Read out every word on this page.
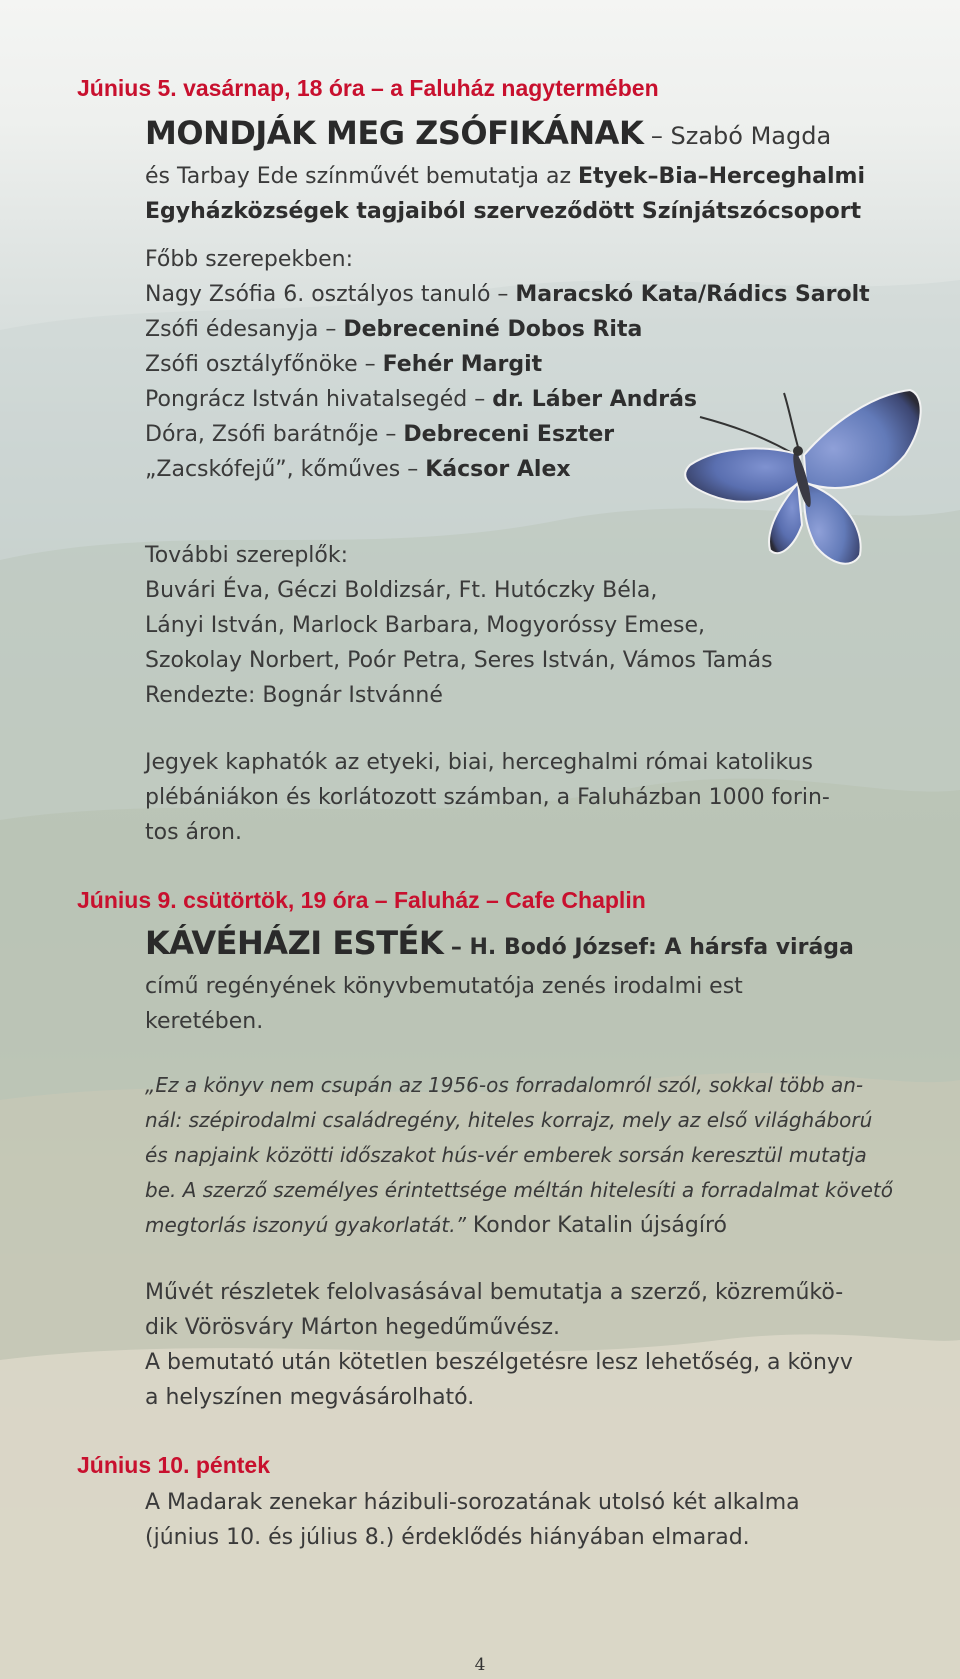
Június 5. vasárnap, 18 óra – a Faluház nagytermében
MONDJÁK MEG ZSÓFIKÁNAK – Szabó Magda
és Tarbay Ede színművét bemutatja az Etyek–Bia–Herceghalmi
Egyházközségek tagjaiból szerveződött Színjátszócsoport
Főbb szerepekben:
Nagy Zsófia 6. osztályos tanuló – Maracskó Kata/Rádics Sarolt
Zsófi édesanyja – Debreceniné Dobos Rita
Zsófi osztályfőnöke – Fehér Margit
Pongrácz István hivatalsegéd – dr. Láber András
Dóra, Zsófi barátnője – Debreceni Eszter
„Zacskófejű”, kőműves – Kácsor Alex
További szereplők:
Buvári Éva, Géczi Boldizsár, Ft. Hutóczky Béla,
Lányi István, Marlock Barbara, Mogyoróssy Emese,
Szokolay Norbert, Poór Petra, Seres István, Vámos Tamás
Rendezte: Bognár Istvánné
Jegyek kaphatók az etyeki, biai, herceghalmi római katolikus
plébániákon és korlátozott számban, a Faluházban 1000 forin-
tos áron.
Június 9. csütörtök, 19 óra – Faluház – Cafe Chaplin
KÁVÉHÁZI ESTÉK – H. Bodó József: A hársfa virága
című regényének könyvbemutatója zenés irodalmi est
keretében.
„Ez a könyv nem csupán az 1956-os forradalomról szól, sokkal több an-
nál: szépirodalmi családregény, hiteles korrajz, mely az első világháború
és napjaink közötti időszakot hús-vér emberek sorsán keresztül mutatja
be. A szerző személyes érintettsége méltán hitelesíti a forradalmat követő
megtorlás iszonyú gyakorlatát.” Kondor Katalin újságíró
Művét részletek felolvasásával bemutatja a szerző, közreműkö-
dik Vörösváry Márton hegedűművész.
A bemutató után kötetlen beszélgetésre lesz lehetőség, a könyv
a helyszínen megvásárolható.
Június 10. péntek
A Madarak zenekar házibuli-sorozatának utolsó két alkalma
(június 10. és július 8.) érdeklődés hiányában elmarad.
4
